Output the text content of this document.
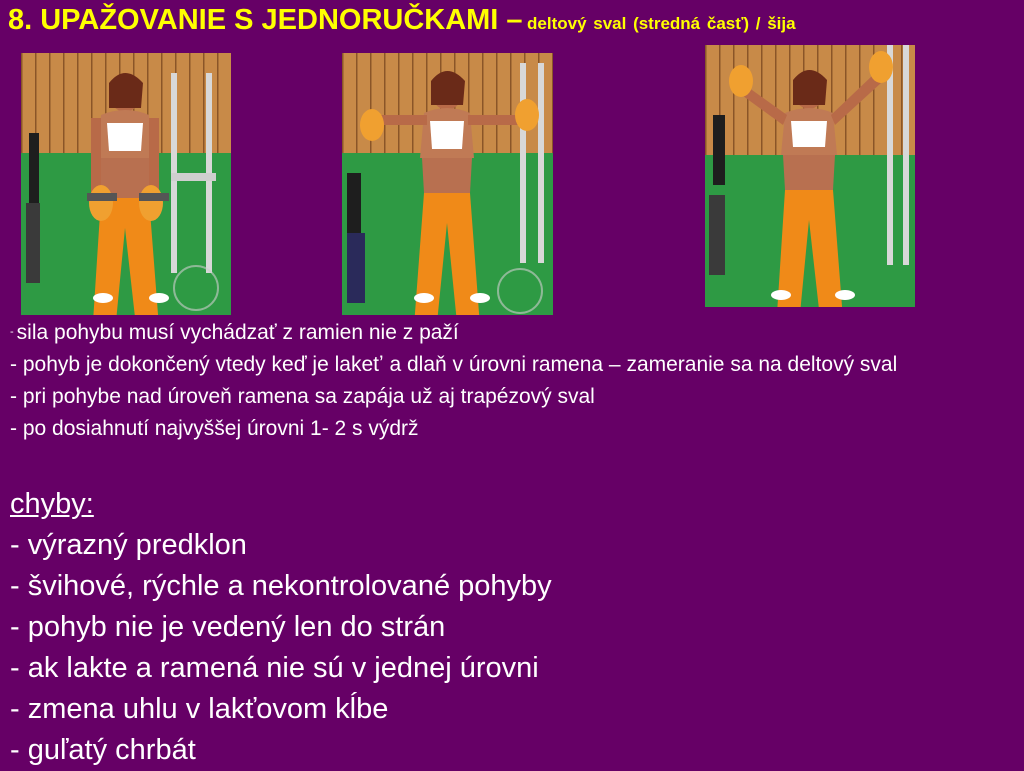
8. UPAŽOVANIE S JEDNORUČKAMI – deltový sval (stredná časť) / šija

- sila pohybu musí vychádzať z ramien nie z paží

- pohyb je dokončený vtedy keď je laketʼ a dlaň v úrovni ramena – zameranie sa na deltový sval

- pri pohybe nad úroveň ramena sa zapája už aj trapézový sval

- po dosiahnutí najvyššej úrovni 1- 2 s výdrž

chyby:
- výrazný predklon
- švihové, rýchle a nekontrolované pohyby
- pohyb nie je vedený len do strán
- ak lakte a ramená nie sú v jednej úrovni
- zmena uhlu v lakťovom kĺbe
- guľatý chrbát
